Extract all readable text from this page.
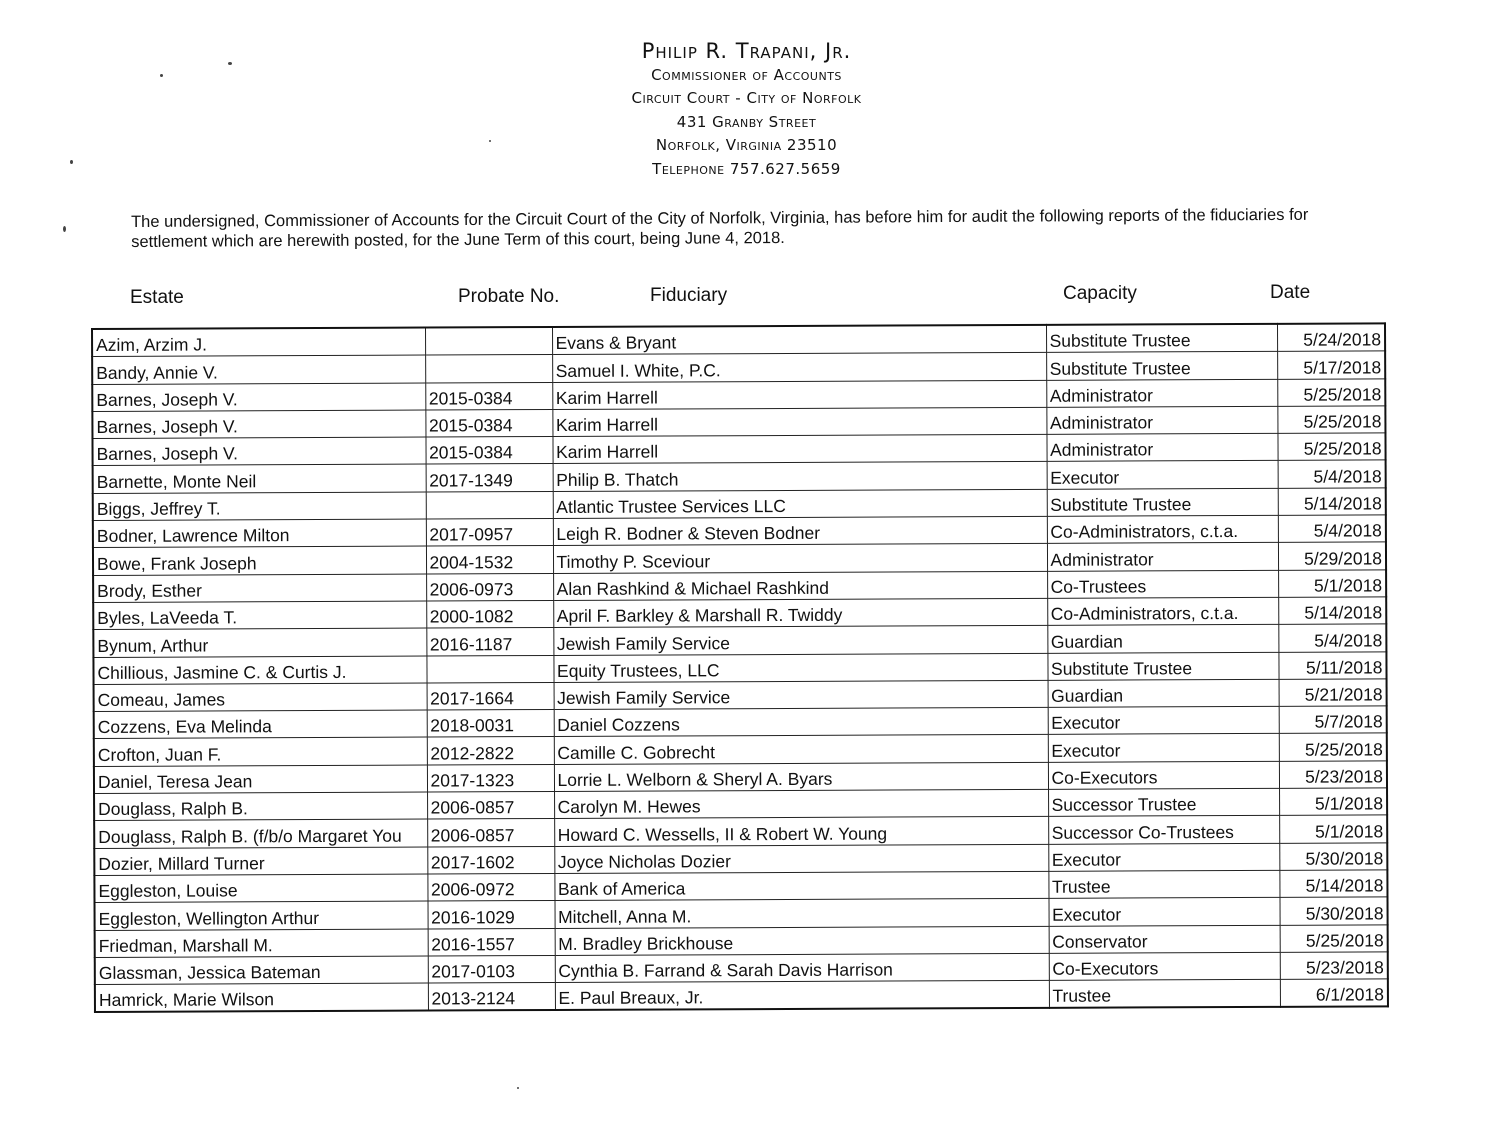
Philip R. Trapani, Jr.
Commissioner of Accounts
Circuit Court - City of Norfolk
431 Granby Street
Norfolk, Virginia 23510
Telephone 757.627.5659
The undersigned, Commissioner of Accounts for the Circuit Court of the City of Norfolk, Virginia, has before him for audit the following reports of the fiduciaries for settlement which are herewith posted, for the June Term of this court, being June 4, 2018.
Estate	Probate No.	Fiduciary	Capacity	Date
Azim, Arzim J.		Evans & Bryant	Substitute Trustee	5/24/2018
Bandy, Annie V.		Samuel I. White, P.C.	Substitute Trustee	5/17/2018
Barnes, Joseph V.	2015-0384	Karim Harrell	Administrator	5/25/2018
Barnes, Joseph V.	2015-0384	Karim Harrell	Administrator	5/25/2018
Barnes, Joseph V.	2015-0384	Karim Harrell	Administrator	5/25/2018
Barnette, Monte Neil	2017-1349	Philip B. Thatch	Executor	5/4/2018
Biggs, Jeffrey T.		Atlantic Trustee Services LLC	Substitute Trustee	5/14/2018
Bodner, Lawrence Milton	2017-0957	Leigh R. Bodner & Steven Bodner	Co-Administrators, c.t.a.	5/4/2018
Bowe, Frank Joseph	2004-1532	Timothy P. Sceviour	Administrator	5/29/2018
Brody, Esther	2006-0973	Alan Rashkind & Michael Rashkind	Co-Trustees	5/1/2018
Byles, LaVeeda T.	2000-1082	April F. Barkley & Marshall R. Twiddy	Co-Administrators, c.t.a.	5/14/2018
Bynum, Arthur	2016-1187	Jewish Family Service	Guardian	5/4/2018
Chillious, Jasmine C. & Curtis J.		Equity Trustees, LLC	Substitute Trustee	5/11/2018
Comeau, James	2017-1664	Jewish Family Service	Guardian	5/21/2018
Cozzens, Eva Melinda	2018-0031	Daniel Cozzens	Executor	5/7/2018
Crofton, Juan F.	2012-2822	Camille C. Gobrecht	Executor	5/25/2018
Daniel, Teresa Jean	2017-1323	Lorrie L. Welborn & Sheryl A. Byars	Co-Executors	5/23/2018
Douglass, Ralph B.	2006-0857	Carolyn M. Hewes	Successor Trustee	5/1/2018
Douglass, Ralph B. (f/b/o Margaret You	2006-0857	Howard C. Wessells, II & Robert W. Young	Successor Co-Trustees	5/1/2018
Dozier, Millard Turner	2017-1602	Joyce Nicholas Dozier	Executor	5/30/2018
Eggleston, Louise	2006-0972	Bank of America	Trustee	5/14/2018
Eggleston, Wellington Arthur	2016-1029	Mitchell, Anna M.	Executor	5/30/2018
Friedman, Marshall M.	2016-1557	M. Bradley Brickhouse	Conservator	5/25/2018
Glassman, Jessica Bateman	2017-0103	Cynthia B. Farrand & Sarah Davis Harrison	Co-Executors	5/23/2018
Hamrick, Marie Wilson	2013-2124	E. Paul Breaux, Jr.	Trustee	6/1/2018
